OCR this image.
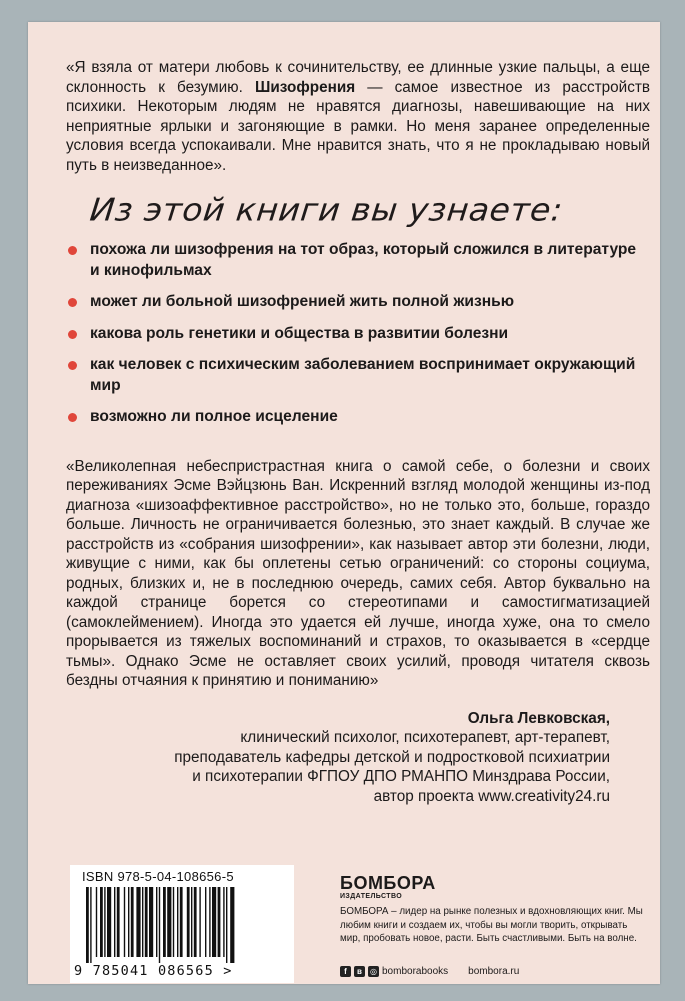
«Я взяла от матери любовь к сочинительству, ее длинные узкие пальцы, а еще склонность к безумию. Шизофрения — самое известное из расстройств психики. Некоторым людям не нравятся диагнозы, навешивающие на них неприятные ярлыки и загоняющие в рамки. Но меня заранее определенные условия всегда успокаивали. Мне нравится знать, что я не прокладываю новый путь в неизведанное».

Из этой книги вы узнаете:
похожа ли шизофрения на тот образ, который сложился в литературе и кинофильмах
может ли больной шизофренией жить полной жизнью
какова роль генетики и общества в развитии болезни
как человек с психическим заболеванием воспринимает окружающий мир
возможно ли полное исцеление

«Великолепная небеспристрастная книга о самой себе, о болезни и своих переживаниях Эсме Вэйцзюнь Ван. Искренний взгляд молодой женщины из-под диагноза «шизоаффективное расстройство», но не только это, больше, гораздо больше. Личность не ограничивается болезнью, это знает каждый. В случае же расстройств из «собрания шизофрении», как называет автор эти болезни, люди, живущие с ними, как бы оплетены сетью ограничений: со стороны социума, родных, близких и, не в последнюю очередь, самих себя. Автор буквально на каждой странице борется со стереотипами и самостигматизацией (самоклеймением). Иногда это удается ей лучше, иногда хуже, она то смело прорывается из тяжелых воспоминаний и страхов, то оказывается в «сердце тьмы». Однако Эсме не оставляет своих усилий, проводя читателя сквозь бездны отчаяния к принятию и пониманию»

Ольга Левковская,
клинический психолог, психотерапевт, арт-терапевт,
преподаватель кафедры детской и подростковой психиатрии
и психотерапии ФГПОУ ДПО РМАНПО Минздрава России,
автор проекта www.creativity24.ru
ISBN 978-5-04-108656-5
9 785041 086565 >
БОМБОРА
ИЗДАТЕЛЬСТВО

БОМБОРА – лидер на рынке полезных и вдохновляющих книг. Мы любим книги и создаем их, чтобы вы могли творить, открывать мир, пробовать новое, расти. Быть счастливыми. Быть на волне.

f	в	◎ bomborabooks bombora.ru
